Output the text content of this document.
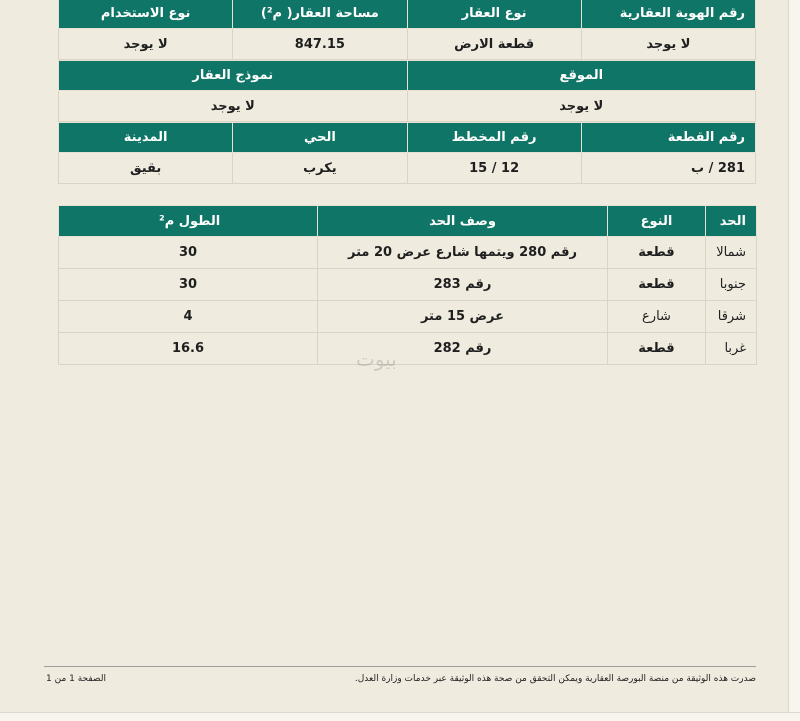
رقم الهوية العقارية	نوع العقار	مساحة العقار( م²)	نوع الاستخدام
لا يوجد	قطعة الارض	847.15	لا يوجد
الموقع	نموذج العقار
لا يوجد	لا يوجد
رقم القطعة	رقم المخطط	الحي	المدينة
281 / ب	12 / 15	يكرب	بقيق
الحد	النوع	وصف الحد	الطول م²
شمالا	قطعة	رقم 280 ويتمها شارع عرض 20 متر	30
جنوبا	قطعة	رقم 283	30
شرقا	شارع	عرض 15 متر	4
غربا	قطعة	رقم 282	16.6	بيوت
صدرت هذه الوثيقة من منصة البورصة العقارية ويمكن التحقق من صحة هذه الوثيقة عبر خدمات وزارة العدل.
الصفحة 1 من 1
